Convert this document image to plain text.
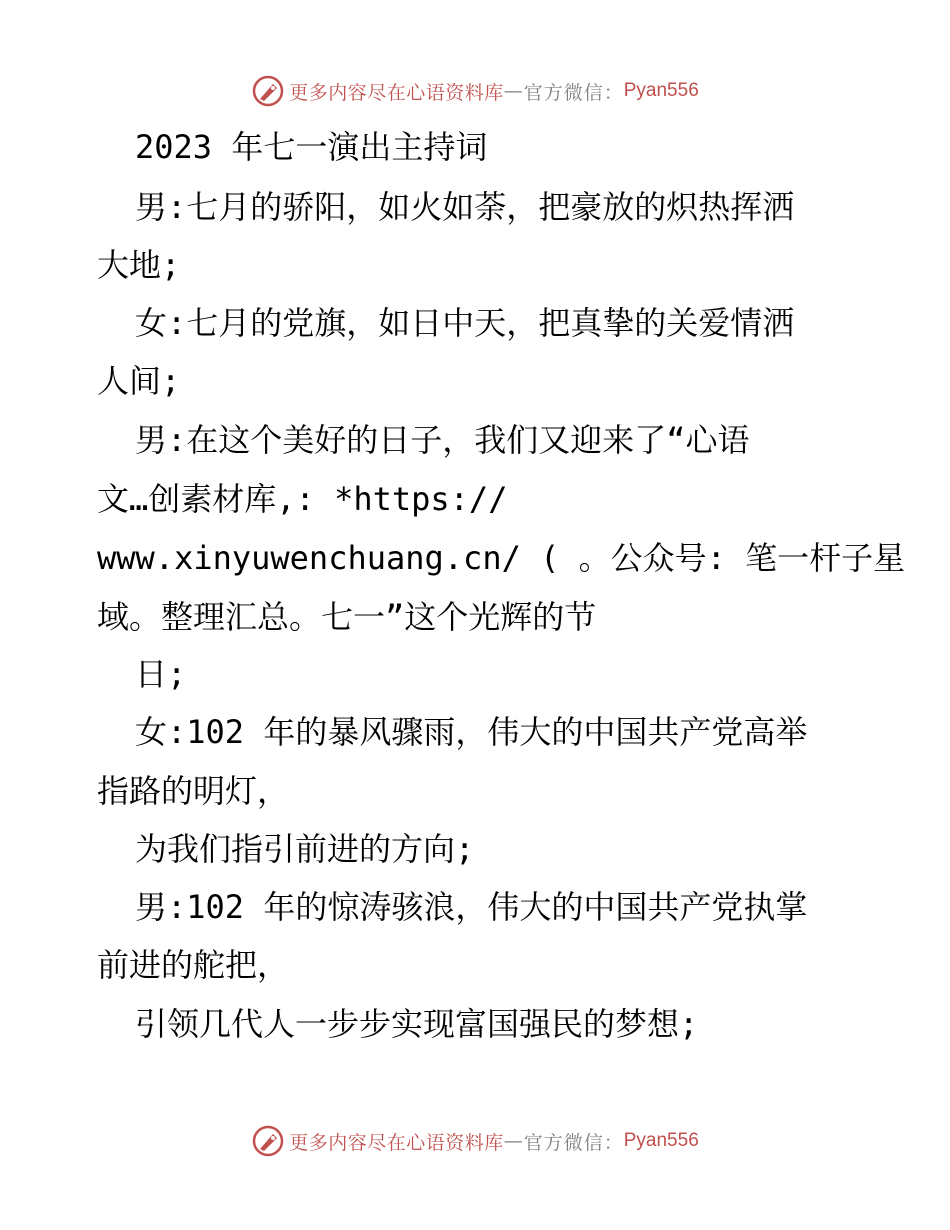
更多内容尽在心语资料库 — 官方微信： Pyan556
2023 年七一演出主持词
男:七月的骄阳，如火如荼，把豪放的炽热挥洒
大地;
女:七月的党旗，如日中天，把真挚的关爱情洒
人间;
男:在这个美好的日子，我们又迎来了“心语
文…创素材库,: *https://
www.xinyuwenchuang.cn/ ( 。公众号: 笔一杆子星
域。整理汇总。七一”这个光辉的节
日;
女:102 年的暴风骤雨，伟大的中国共产党高举
指路的明灯，
为我们指引前进的方向;
男:102 年的惊涛骇浪，伟大的中国共产党执掌
前进的舵把，
引领几代人一步步实现富国强民的梦想;
更多内容尽在心语资料库 — 官方微信： Pyan556
